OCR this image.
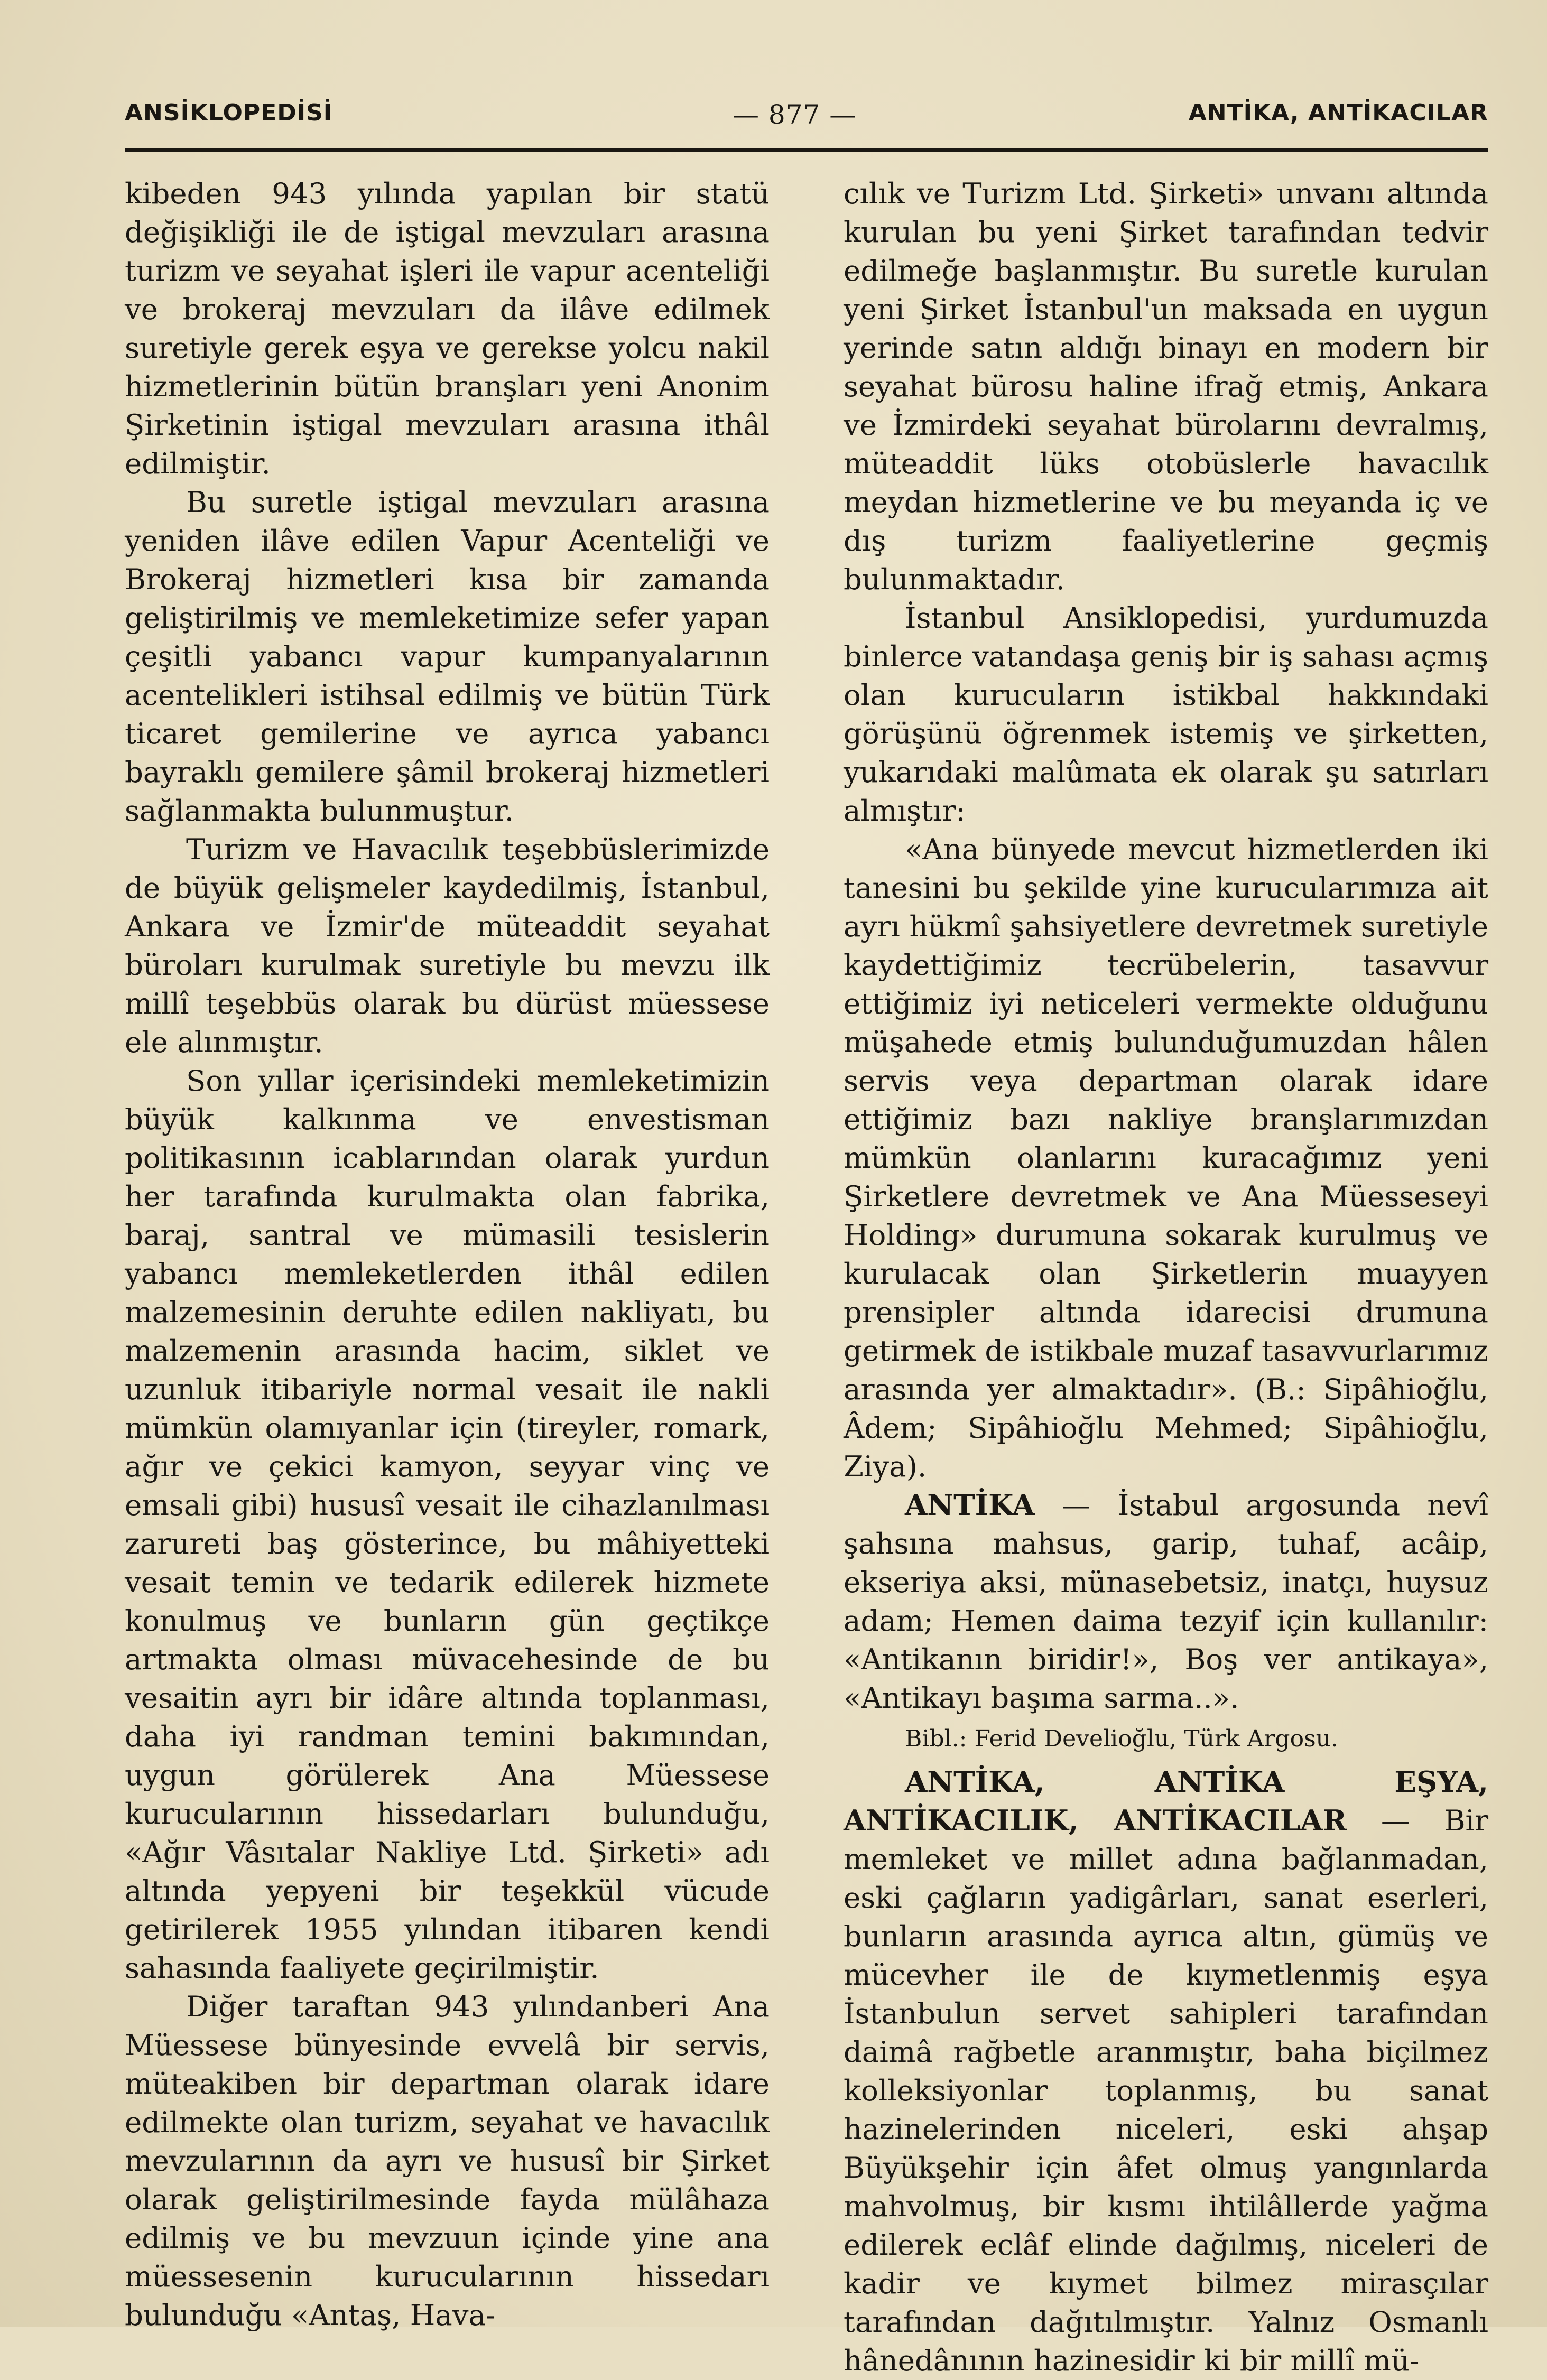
ANSİKLOPEDİSİ	— 877 —	ANTİKA, ANTİKACILAR

kibeden 943 yılında yapılan bir statü değişikliği ile de iştigal mevzuları arasına turizm ve seyahat işleri ile vapur acenteliği ve brokeraj mevzuları da ilâve edilmek suretiyle gerek eşya ve gerekse yolcu nakil hizmetlerinin bütün branşları yeni Anonim Şirketinin iştigal mevzuları arasına ithâl edilmiştir.

Bu suretle iştigal mevzuları arasına yeniden ilâve edilen Vapur Acenteliği ve Brokeraj hizmetleri kısa bir zamanda geliştirilmiş ve memleketimize sefer yapan çeşitli yabancı vapur kumpanyalarının acentelikleri istihsal edilmiş ve bütün Türk ticaret gemilerine ve ayrıca yabancı bayraklı gemilere şâmil brokeraj hizmetleri sağlanmakta bulunmuştur.

Turizm ve Havacılık teşebbüslerimizde de büyük gelişmeler kaydedilmiş, İstanbul, Ankara ve İzmir'de müteaddit seyahat büroları kurulmak suretiyle bu mevzu ilk millî teşebbüs olarak bu dürüst müessese ele alınmıştır.

Son yıllar içerisindeki memleketimizin büyük kalkınma ve envestisman politikasının icablarından olarak yurdun her tarafında kurulmakta olan fabrika, baraj, santral ve mümasili tesislerin yabancı memleketlerden ithâl edilen malzemesinin deruhte edilen nakliyatı, bu malzemenin arasında hacim, siklet ve uzunluk itibariyle normal vesait ile nakli mümkün olamıyanlar için (tireyler, romark, ağır ve çekici kamyon, seyyar vinç ve emsali gibi) hususî vesait ile cihazlanılması zarureti baş gösterince, bu mâhiyetteki vesait temin ve tedarik edilerek hizmete konulmuş ve bunların gün geçtikçe artmakta olması müvacehesinde de bu vesaitin ayrı bir idâre altında toplanması, daha iyi randman temini bakımından, uygun görülerek Ana Müessese kurucularının hissedarları bulunduğu, «Ağır Vâsıtalar Nakliye Ltd. Şirketi» adı altında yepyeni bir teşekkül vücude getirilerek 1955 yılından itibaren kendi sahasında faaliyete geçirilmiştir.

Diğer taraftan 943 yılındanberi Ana Müessese bünyesinde evvelâ bir servis, müteakiben bir departman olarak idare edilmekte olan turizm, seyahat ve havacılık mevzularının da ayrı ve hususî bir Şirket olarak geliştirilmesinde fayda mülâhaza edilmiş ve bu mevzuun içinde yine ana müessesenin kurucularının hissedarı bulunduğu «Antaş, Hava-

cılık ve Turizm Ltd. Şirketi» unvanı altında kurulan bu yeni Şirket tarafından tedvir edilmeğe başlanmıştır. Bu suretle kurulan yeni Şirket İstanbul'un maksada en uygun yerinde satın aldığı binayı en modern bir seyahat bürosu haline ifrağ etmiş, Ankara ve İzmirdeki seyahat bürolarını devralmış, müteaddit lüks otobüslerle havacılık meydan hizmetlerine ve bu meyanda iç ve dış turizm faaliyetlerine geçmiş bulunmaktadır.

İstanbul Ansiklopedisi, yurdumuzda binlerce vatandaşa geniş bir iş sahası açmış olan kurucuların istikbal hakkındaki görüşünü öğrenmek istemiş ve şirketten, yukarıdaki malûmata ek olarak şu satırları almıştır:

«Ana bünyede mevcut hizmetlerden iki tanesini bu şekilde yine kurucularımıza ait ayrı hükmî şahsiyetlere devretmek suretiyle kaydettiğimiz tecrübelerin, tasavvur ettiğimiz iyi neticeleri vermekte olduğunu müşahede etmiş bulunduğumuzdan hâlen servis veya departman olarak idare ettiğimiz bazı nakliye branşlarımızdan mümkün olanlarını kuracağımız yeni Şirketlere devretmek ve Ana Müesseseyi Holding» durumuna sokarak kurulmuş ve kurulacak olan Şirketlerin muayyen prensipler altında idarecisi drumuna getirmek de istikbale muzaf tasavvurlarımız arasında yer almaktadır». (B.: Sipâhioğlu, Âdem; Sipâhioğlu Mehmed; Sipâhioğlu, Ziya).

ANTİKA — İstabul argosunda nevî şahsına mahsus, garip, tuhaf, acâip, ekseriya aksi, münasebetsiz, inatçı, huysuz adam; Hemen daima tezyif için kullanılır: «Antikanın biridir!», Boş ver antikaya», «Antikayı başıma sarma..».

Bibl.: Ferid Develioğlu, Türk Argosu.

ANTİKA, ANTİKA EŞYA, ANTİKACILIK, ANTİKACILAR — Bir memleket ve millet adına bağlanmadan, eski çağların yadigârları, sanat eserleri, bunların arasında ayrıca altın, gümüş ve mücevher ile de kıymetlenmiş eşya İstanbulun servet sahipleri tarafından daimâ rağbetle aranmıştır, baha biçilmez kolleksiyonlar toplanmış, bu sanat hazinelerinden niceleri, eski ahşap Büyükşehir için âfet olmuş yangınlarda mahvolmuş, bir kısmı ihtilâllerde yağma edilerek eclâf elinde dağılmış, niceleri de kadir ve kıymet bilmez mirasçılar tarafından dağıtılmıştır. Yalnız Osmanlı hânedânının hazinesidir ki bir millî mü-
